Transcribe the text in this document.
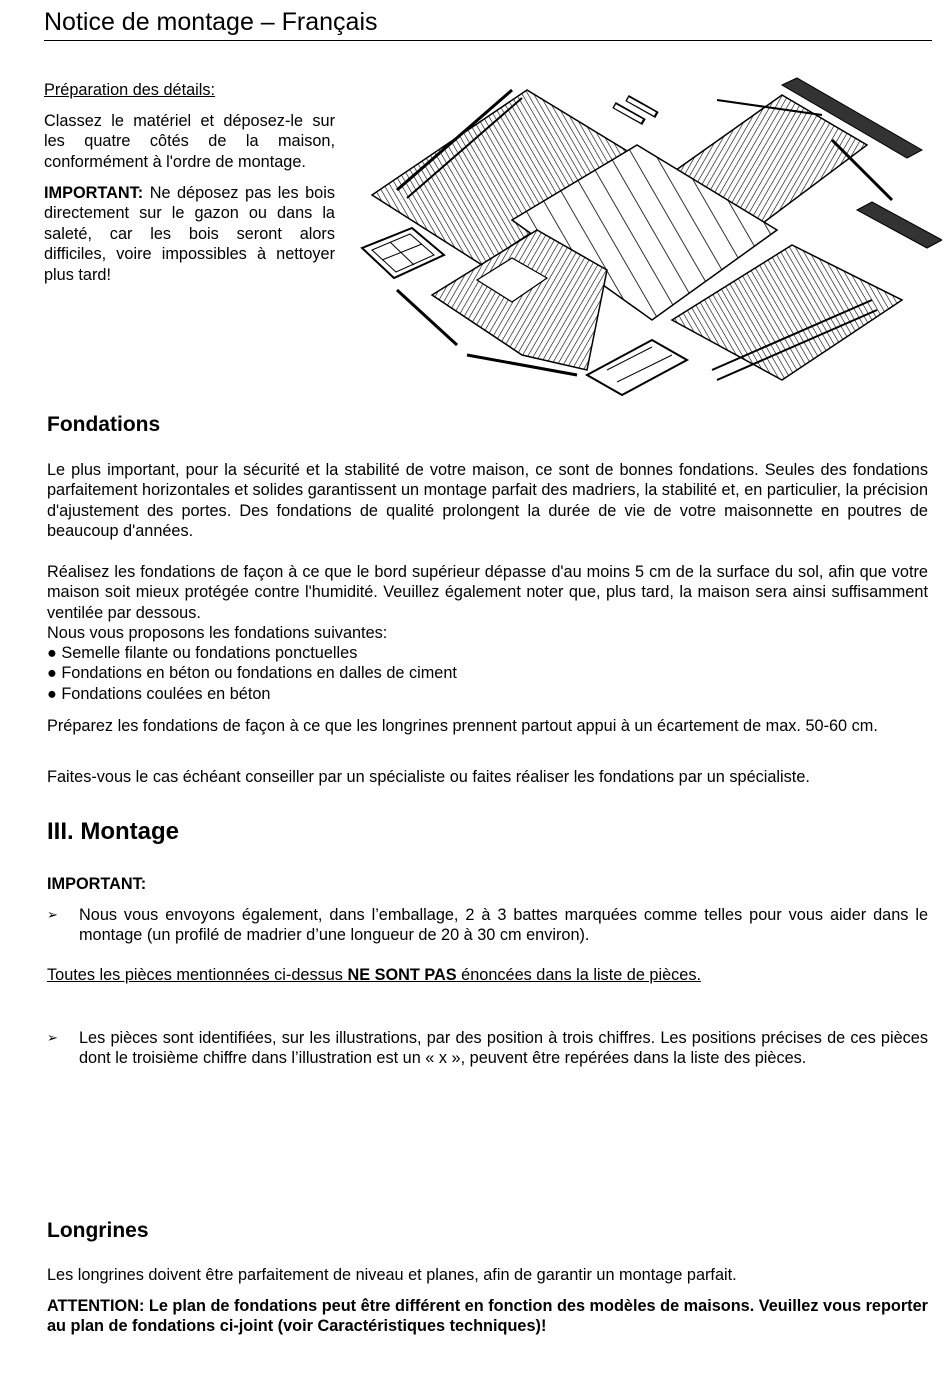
Notice de montage – Français

Préparation des détails:

Classez le matériel et déposez-le sur les quatre côtés de la maison, conformément à l'ordre de montage.

IMPORTANT: Ne déposez pas les bois directement sur le gazon ou dans la saleté, car les bois seront alors difficiles, voire impossibles à nettoyer plus tard!

Fondations

Le plus important, pour la sécurité et la stabilité de votre maison, ce sont de bonnes fondations. Seules des fondations parfaitement horizontales et solides garantissent un montage parfait des madriers, la stabilité et, en particulier, la précision d'ajustement des portes. Des fondations de qualité prolongent la durée de vie de votre maisonnette en poutres de beaucoup d'années.

Réalisez les fondations de façon à ce que le bord supérieur dépasse d'au moins 5 cm de la surface du sol, afin que votre maison soit mieux protégée contre l'humidité. Veuillez également noter que, plus tard, la maison sera ainsi suffisamment ventilée par dessous.

Nous vous proposons les fondations suivantes:

● Semelle filante ou fondations ponctuelles
● Fondations en béton ou fondations en dalles de ciment
● Fondations coulées en béton

Préparez les fondations de façon à ce que les longrines prennent partout appui à un écartement de max. 50-60 cm.

Faites-vous le cas échéant conseiller par un spécialiste ou faites réaliser les fondations par un spécialiste.

III. Montage

IMPORTANT:

➢ Nous vous envoyons également, dans l’emballage, 2 à 3 battes marquées comme telles pour vous aider dans le montage (un profilé de madrier d’une longueur de 20 à 30 cm environ).

Toutes les pièces mentionnées ci-dessus NE SONT PAS énoncées dans la liste de pièces.

➢ Les pièces sont identifiées, sur les illustrations, par des position à trois chiffres. Les positions précises de ces pièces dont le troisième chiffre dans l’illustration est un « x », peuvent être repérées dans la liste des pièces.
Longrines

Les longrines doivent être parfaitement de niveau et planes, afin de garantir un montage parfait.

ATTENTION: Le plan de fondations peut être différent en fonction des modèles de maisons. Veuillez vous reporter au plan de fondations ci-joint (voir Caractéristiques techniques)!
